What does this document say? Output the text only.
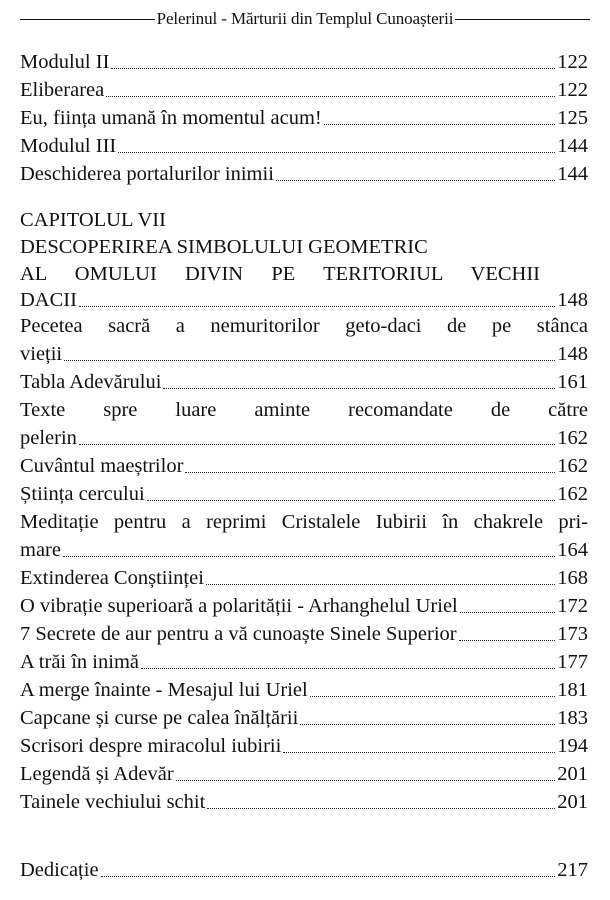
Pelerinul - Mărturii din Templul Cunoașterii
Modulul II	122
Eliberarea	122
Eu, ființa umană în momentul acum!	125
Modulul III	144
Deschiderea portalurilor inimii	144
CAPITOLUL VII
DESCOPERIREA SIMBOLULUI GEOMETRIC
AL OMULUI DIVIN PE TERITORIUL VECHII
DACII	148
Pecetea sacră a nemuritorilor geto-daci de pe stânca
vieții	148
Tabla Adevărului	161
Texte spre luare aminte recomandate de către
pelerin	162
Cuvântul maeștrilor	162
Știința cercului	162
Meditație pentru a reprimi Cristalele Iubirii în chakrele pri-
mare	164
Extinderea Conștiinței	168
O vibrație superioară a polarității - Arhanghelul Uriel	172
7 Secrete de aur pentru a vă cunoaște Sinele Superior	173
A trăi în inimă	177
A merge înainte - Mesajul lui Uriel	181
Capcane și curse pe calea înălțării	183
Scrisori despre miracolul iubirii	194
Legendă și Adevăr	201
Tainele vechiului schit	201
Dedicație	217
